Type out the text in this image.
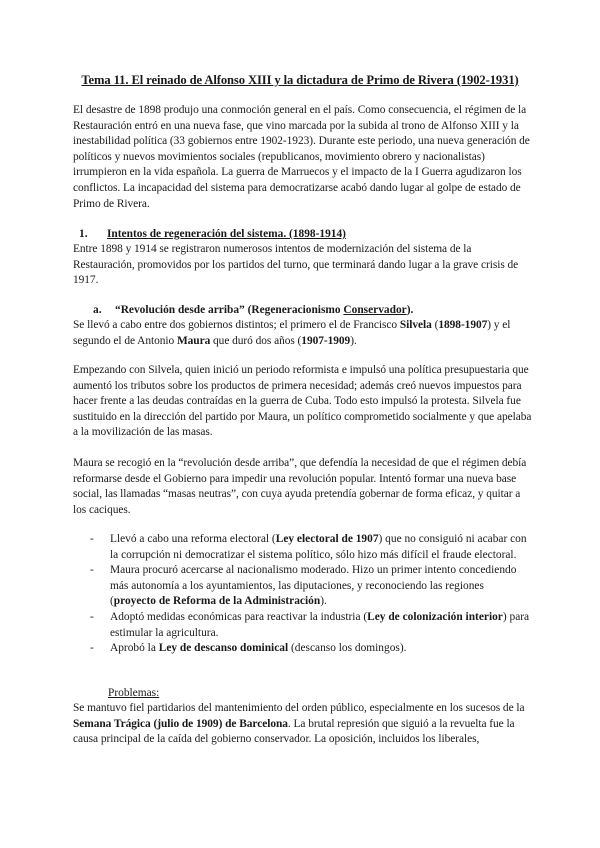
Tema 11. El reinado de Alfonso XIII y la dictadura de Primo de Rivera (1902-1931)

El desastre de 1898 produjo una conmoción general en el país. Como consecuencia, el régimen de la Restauración entró en una nueva fase, que vino marcada por la subida al trono de Alfonso XIII y la inestabilidad política (33 gobiernos entre 1902-1923). Durante este periodo, una nueva generación de políticos y nuevos movimientos sociales (republicanos, movimiento obrero y nacionalistas) irrumpieron en la vida española. La guerra de Marruecos y el impacto de la I Guerra agudizaron los conflictos. La incapacidad del sistema para democratizarse acabó dando lugar al golpe de estado de Primo de Rivera.

1. Intentos de regeneración del sistema. (1898-1914)

Entre 1898 y 1914 se registraron numerosos intentos de modernización del sistema de la Restauración, promovidos por los partidos del turno, que terminará dando lugar a la grave crisis de 1917.

a. “Revolución desde arriba” (Regeneracionismo Conservador).

Se llevó a cabo entre dos gobiernos distintos; el primero el de Francisco Silvela (1898-1907) y el segundo el de Antonio Maura que duró dos años (1907-1909).

Empezando con Silvela, quien inició un periodo reformista e impulsó una política presupuestaria que aumentó los tributos sobre los productos de primera necesidad; además creó nuevos impuestos para hacer frente a las deudas contraídas en la guerra de Cuba. Todo esto impulsó la protesta. Silvela fue sustituido en la dirección del partido por Maura, un político comprometido socialmente y que apelaba a la movilización de las masas.

Maura se recogió en la “revolución desde arriba”, que defendía la necesidad de que el régimen debía reformarse desde el Gobierno para impedir una revolución popular. Intentó formar una nueva base social, las llamadas “masas neutras”, con cuya ayuda pretendía gobernar de forma eficaz, y quitar a los caciques.

- Llevó a cabo una reforma electoral (Ley electoral de 1907) que no consiguió ni acabar con la corrupción ni democratizar el sistema político, sólo hizo más difícil el fraude electoral.
- Maura procuró acercarse al nacionalismo moderado. Hizo un primer intento concediendo más autonomía a los ayuntamientos, las diputaciones, y reconociendo las regiones (proyecto de Reforma de la Administración).
- Adoptó medidas económicas para reactivar la industria (Ley de colonización interior) para estimular la agricultura.
- Aprobó la Ley de descanso dominical (descanso los domingos).
Problemas:

Se mantuvo fiel partidarios del mantenimiento del orden público, especialmente en los sucesos de la Semana Trágica (julio de 1909) de Barcelona. La brutal represión que siguió a la revuelta fue la causa principal de la caída del gobierno conservador. La oposición, incluidos los liberales,
